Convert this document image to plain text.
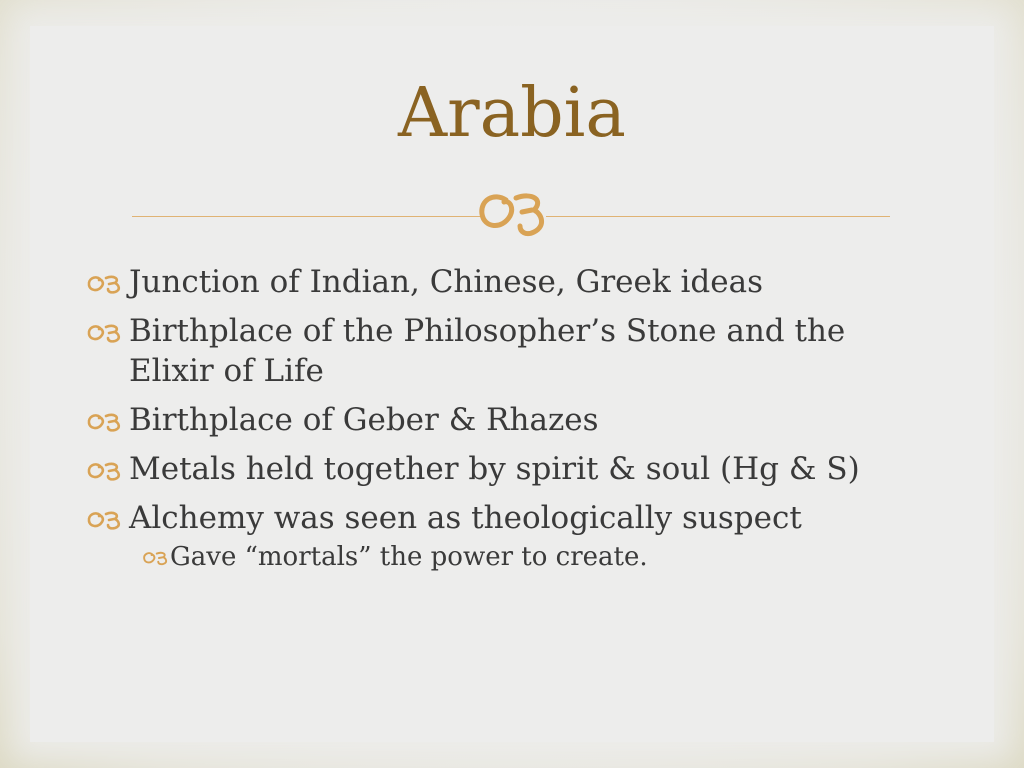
Arabia
Junction of Indian, Chinese, Greek ideas
Birthplace of the Philosopher’s Stone and the Elixir of Life
Birthplace of Geber & Rhazes
Metals held together by spirit & soul (Hg & S)
Alchemy was seen as theologically suspect
Gave “mortals” the power to create.
